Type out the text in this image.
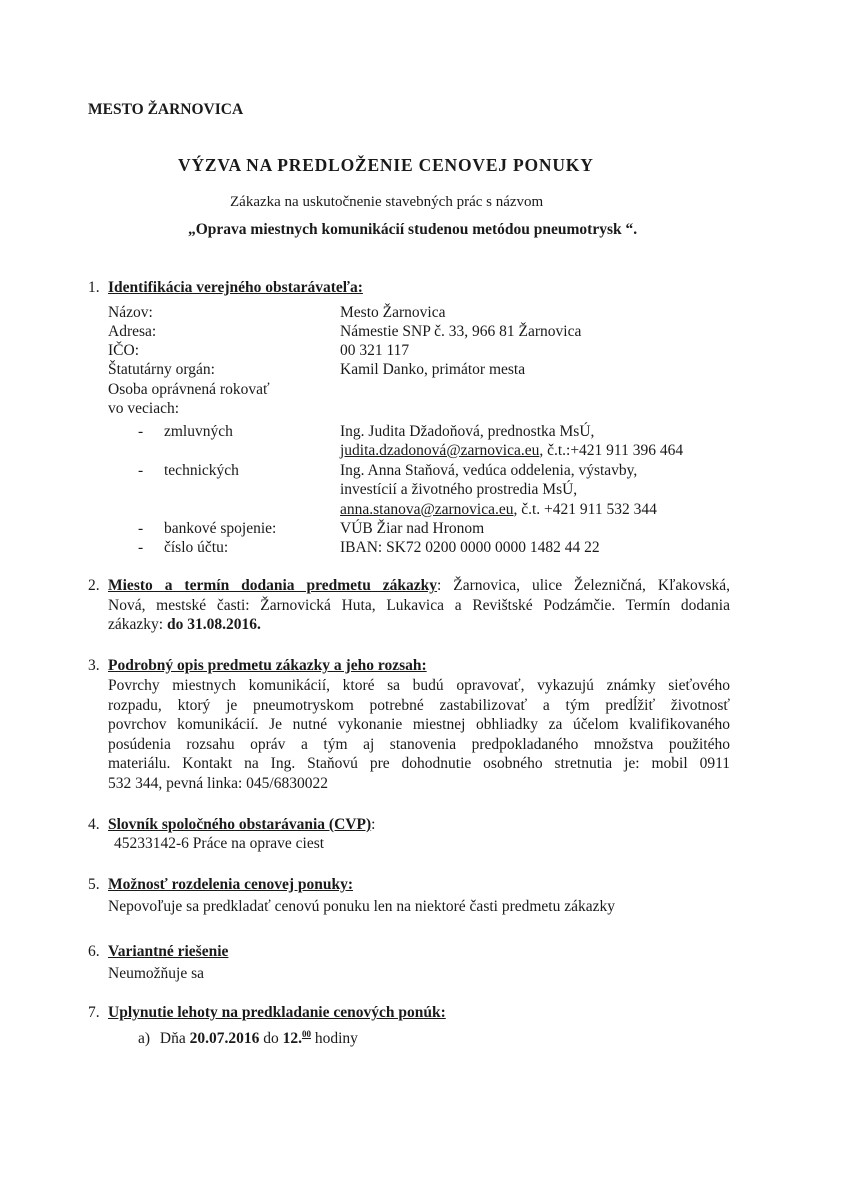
MESTO ŽARNOVICA
VÝZVA NA PREDLOŽENIE CENOVEJ PONUKY
Zákazka na uskutočnenie stavebných prác s názvom
„Oprava miestnych komunikácií studenou metódou pneumotrysk “.
1. Identifikácia verejného obstarávateľa:
Názov:	Mesto Žarnovica
Adresa:	Námestie SNP č. 33, 966 81 Žarnovica
IČO:	00 321 117
Štatutárny orgán:	Kamil Danko, primátor mesta
Osoba oprávnená rokovať
vo veciach:
- zmluvných	Ing. Judita Džadoňová, prednostka MsÚ,
judita.dzadonová@zarnovica.eu, č.t.:+421 911 396 464
- technických	Ing. Anna Staňová, vedúca oddelenia, výstavby,
investícií a životného prostredia MsÚ,
anna.stanova@zarnovica.eu, č.t. +421 911 532 344
- bankové spojenie:	VÚB Žiar nad Hronom
- číslo účtu:	IBAN: SK72 0200 0000 0000 1482 44 22
2. Miesto a termín dodania predmetu zákazky: Žarnovica, ulice Železničná, Kľakovská,
Nová, mestské časti: Žarnovická Huta, Lukavica a Revištské Podzámčie. Termín dodania
zákazky: do 31.08.2016.
3. Podrobný opis predmetu zákazky a jeho rozsah:
Povrchy miestnych komunikácií, ktoré sa budú opravovať, vykazujú známky sieťového
rozpadu, ktorý je pneumotryskom potrebné zastabilizovať a tým predĺžiť životnosť
povrchov komunikácií. Je nutné vykonanie miestnej obhliadky za účelom kvalifikovaného
posúdenia rozsahu opráv a tým aj stanovenia predpokladaného množstva použitého
materiálu. Kontakt na Ing. Staňovú pre dohodnutie osobného stretnutia je: mobil 0911
532 344, pevná linka: 045/6830022
4. Slovník spoločného obstarávania (CVP):
45233142-6 Práce na oprave ciest
5. Možnosť rozdelenia cenovej ponuky:
Nepovoľuje sa predkladať cenovú ponuku len na niektoré časti predmetu zákazky
6. Variantné riešenie
Neumožňuje sa
7. Uplynutie lehoty na predkladanie cenových ponúk:
a) Dňa 20.07.2016 do 12.00 hodiny
